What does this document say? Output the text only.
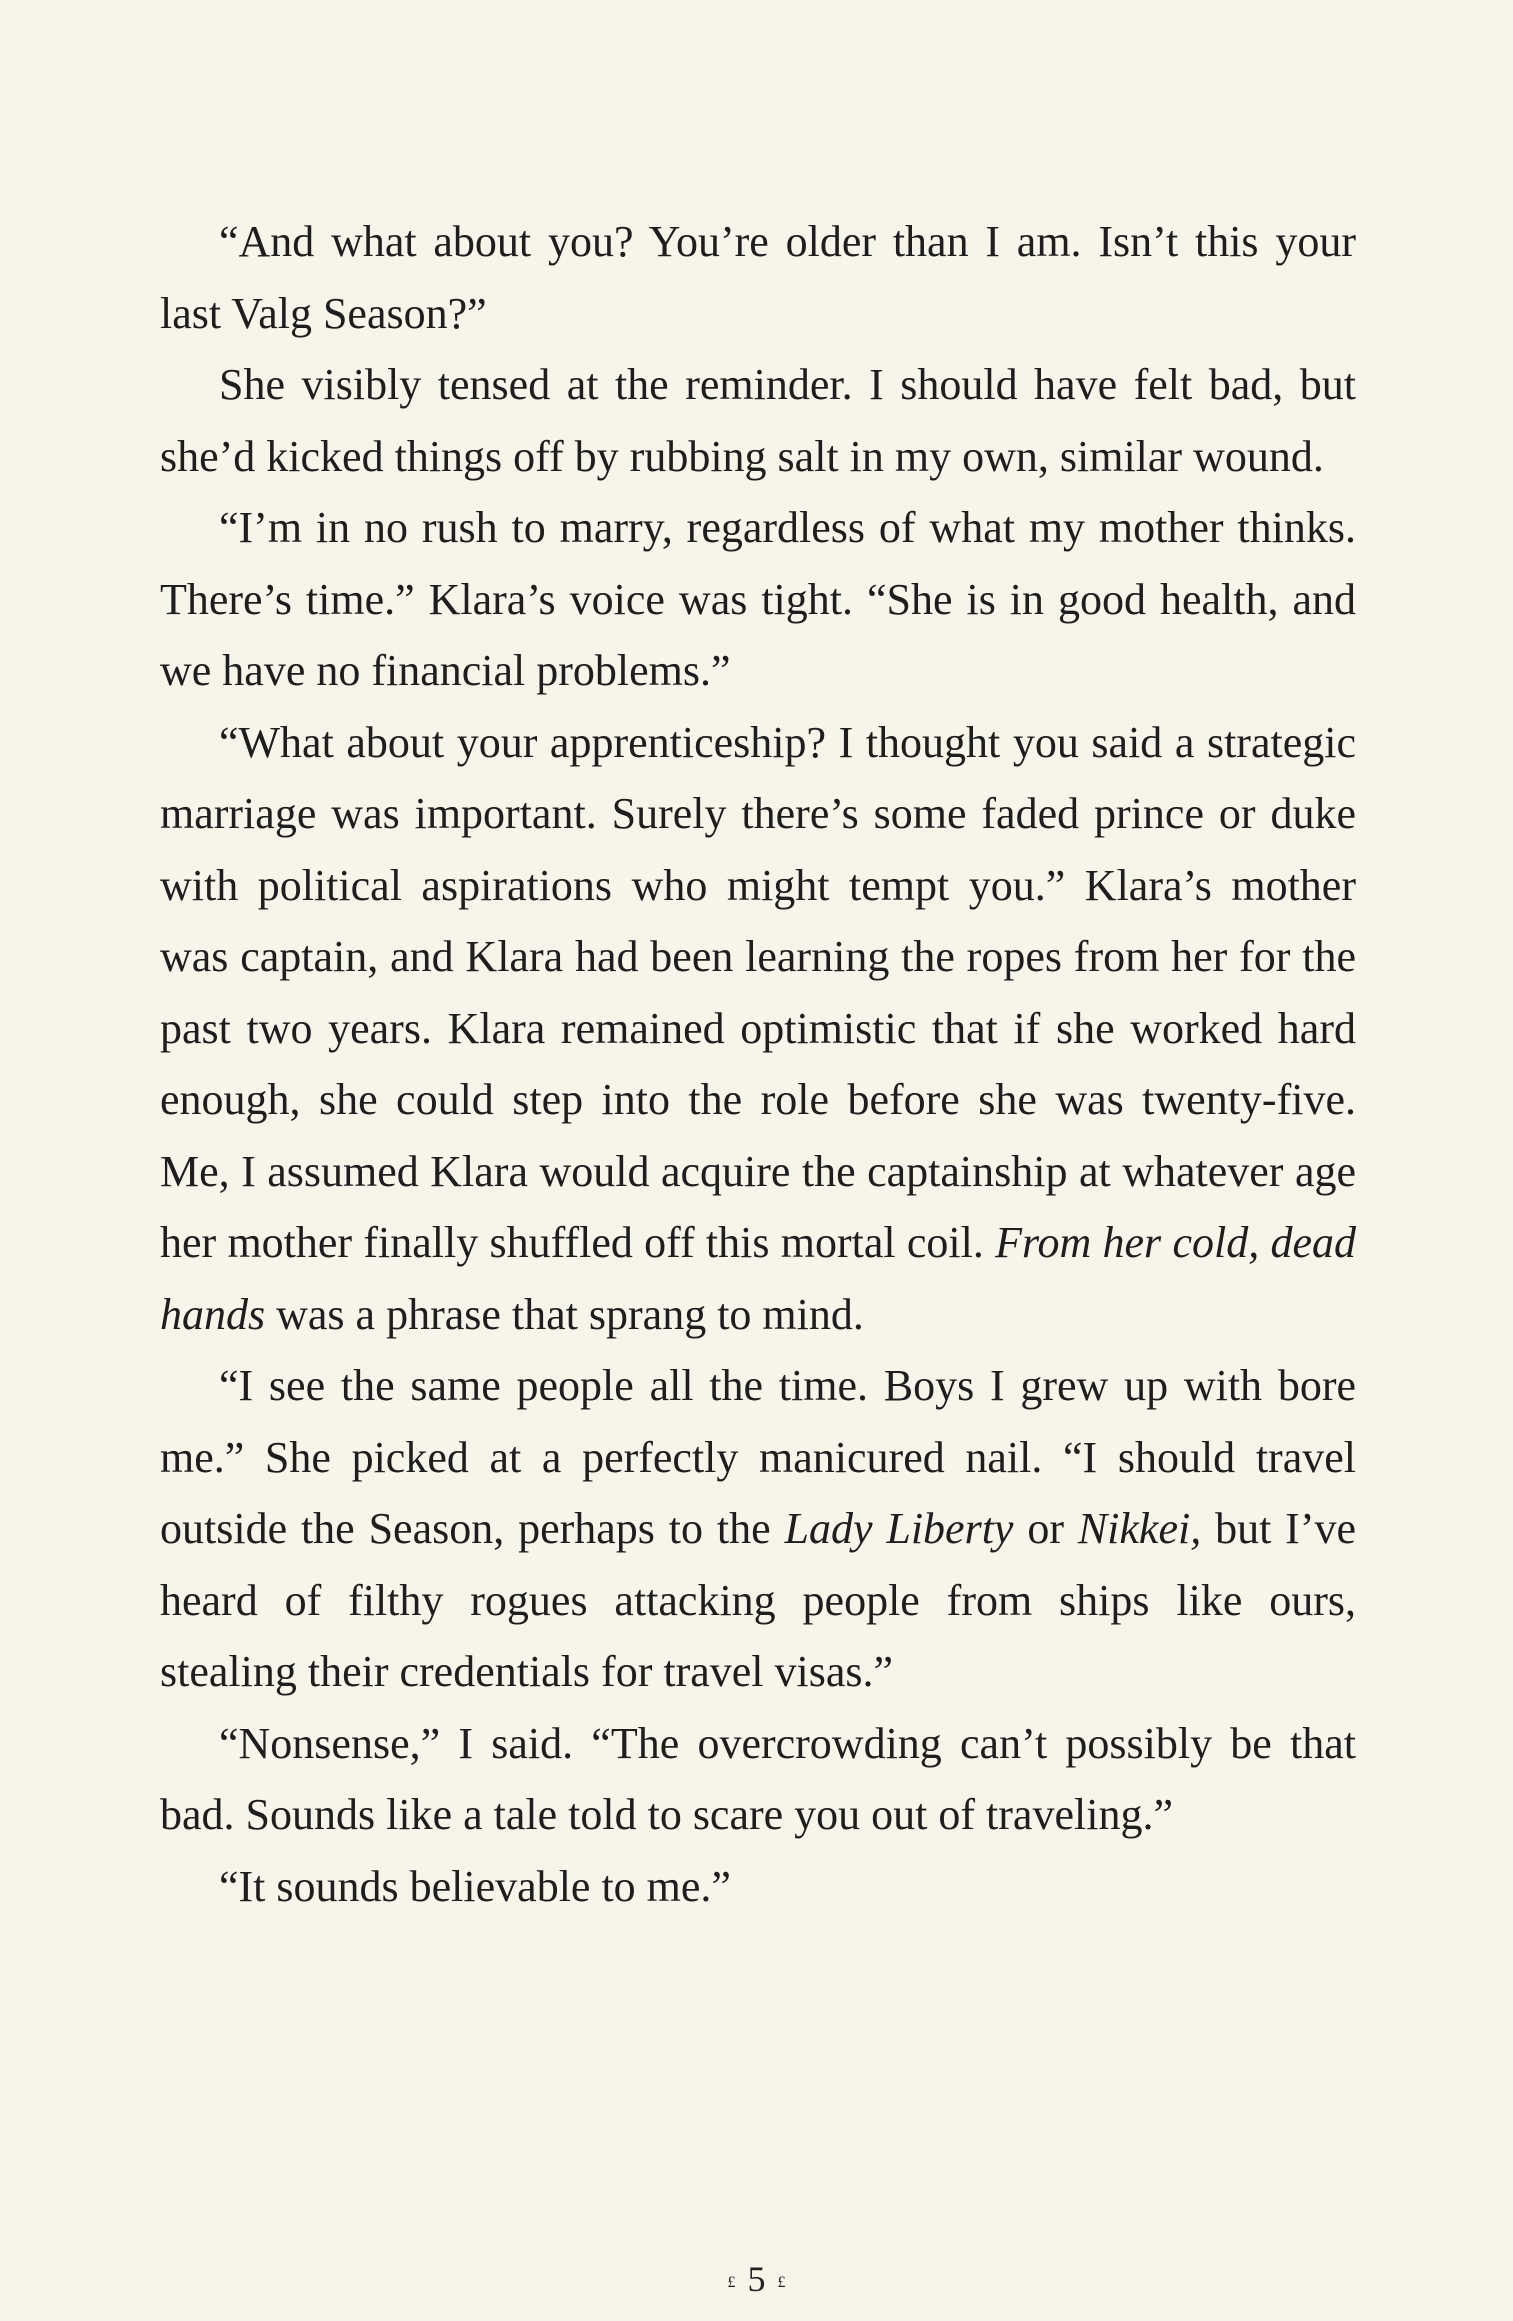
“And what about you? You’re older than I am. Isn’t this your last Valg Season?”

She visibly tensed at the reminder. I should have felt bad, but she’d kicked things off by rubbing salt in my own, similar wound.

“I’m in no rush to marry, regardless of what my mother thinks. There’s time.” Klara’s voice was tight. “She is in good health, and we have no financial problems.”

“What about your apprenticeship? I thought you said a strategic marriage was important. Surely there’s some faded prince or duke with political aspirations who might tempt you.” Klara’s mother was captain, and Klara had been learning the ropes from her for the past two years. Klara remained optimistic that if she worked hard enough, she could step into the role before she was twenty-five. Me, I assumed Klara would acquire the captainship at whatever age her mother finally shuffled off this mortal coil. From her cold, dead hands was a phrase that sprang to mind.

“I see the same people all the time. Boys I grew up with bore me.” She picked at a perfectly manicured nail. “I should travel outside the Season, perhaps to the Lady Liberty or Nikkei, but I’ve heard of filthy rogues attacking people from ships like ours, stealing their credentials for travel visas.”

“Nonsense,” I said. “The overcrowding can’t possibly be that bad. Sounds like a tale told to scare you out of traveling.”

“It sounds believable to me.”

£ 5 £
